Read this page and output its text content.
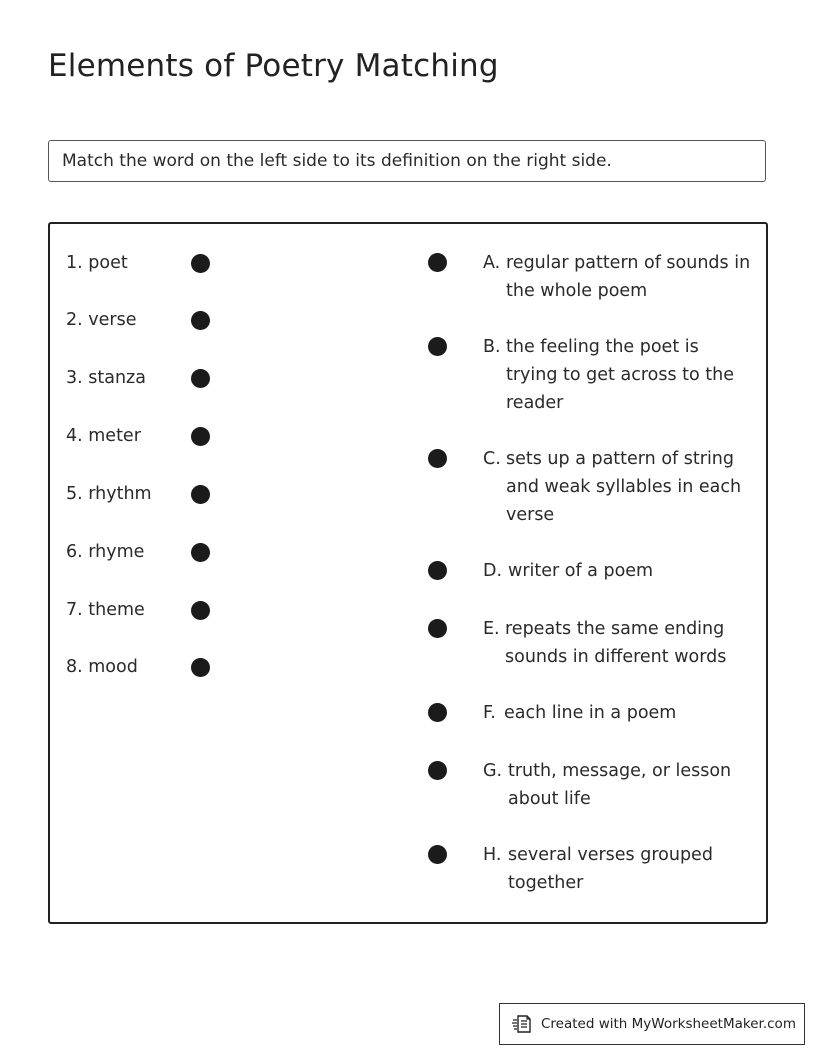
Elements of Poetry Matching
Match the word on the left side to its definition on the right side.
1. poet
2. verse
3. stanza
4. meter
5. rhythm
6. rhyme
7. theme
8. mood
A. regular pattern of sounds in the whole poem
B. the feeling the poet is trying to get across to the reader
C. sets up a pattern of string and weak syllables in each verse
D. writer of a poem
E. repeats the same ending sounds in different words
F. each line in a poem
G. truth, message, or lesson about life
H. several verses grouped together
Created with MyWorksheetMaker.com
